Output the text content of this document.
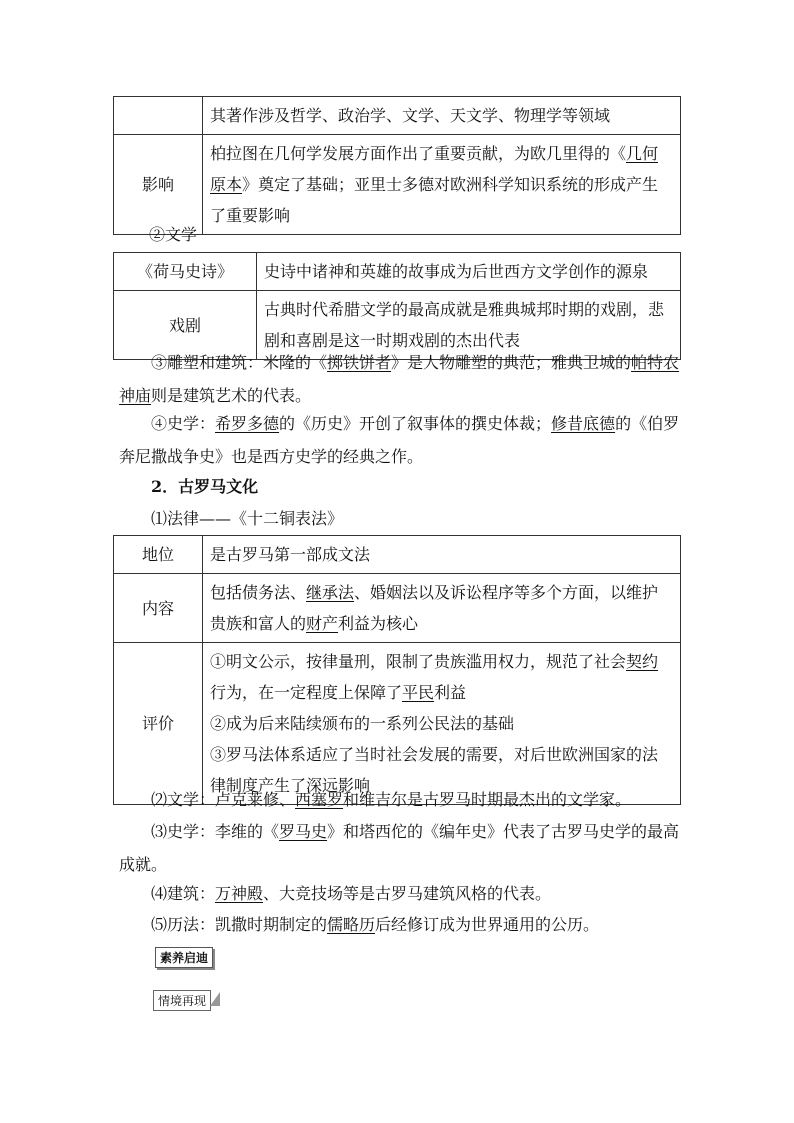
	其著作涉及哲学、政治学、文学、天文学、物理学等领域
影响	柏拉图在几何学发展方面作出了重要贡献，为欧几里得的《几何原本》奠定了基础；亚里士多德对欧洲科学知识系统的形成产生了重要影响

②文学

《荷马史诗》	史诗中诸神和英雄的故事成为后世西方文学创作的源泉
戏剧	古典时代希腊文学的最高成就是雅典城邦时期的戏剧，悲剧和喜剧是这一时期戏剧的杰出代表

③雕塑和建筑：米隆的《掷铁饼者》是人物雕塑的典范；雅典卫城的帕特农神庙则是建筑艺术的代表。

④史学：希罗多德的《历史》开创了叙事体的撰史体裁；修昔底德的《伯罗奔尼撒战争史》也是西方史学的经典之作。

2．古罗马文化

⑴法律——《十二铜表法》

地位	是古罗马第一部成文法
内容	包括债务法、继承法、婚姻法以及诉讼程序等多个方面，以维护贵族和富人的财产利益为核心
评价	①明文公示，按律量刑，限制了贵族滥用权力，规范了社会契约行为，在一定程度上保障了平民利益
②成为后来陆续颁布的一系列公民法的基础
③罗马法体系适应了当时社会发展的需要，对后世欧洲国家的法律制度产生了深远影响

⑵文学：卢克莱修、西塞罗和维吉尔是古罗马时期最杰出的文学家。

⑶史学：李维的《罗马史》和塔西佗的《编年史》代表了古罗马史学的最高成就。

⑷建筑：万神殿、大竞技场等是古罗马建筑风格的代表。

⑸历法：凯撒时期制定的儒略历后经修订成为世界通用的公历。

素养启迪
情境再现
